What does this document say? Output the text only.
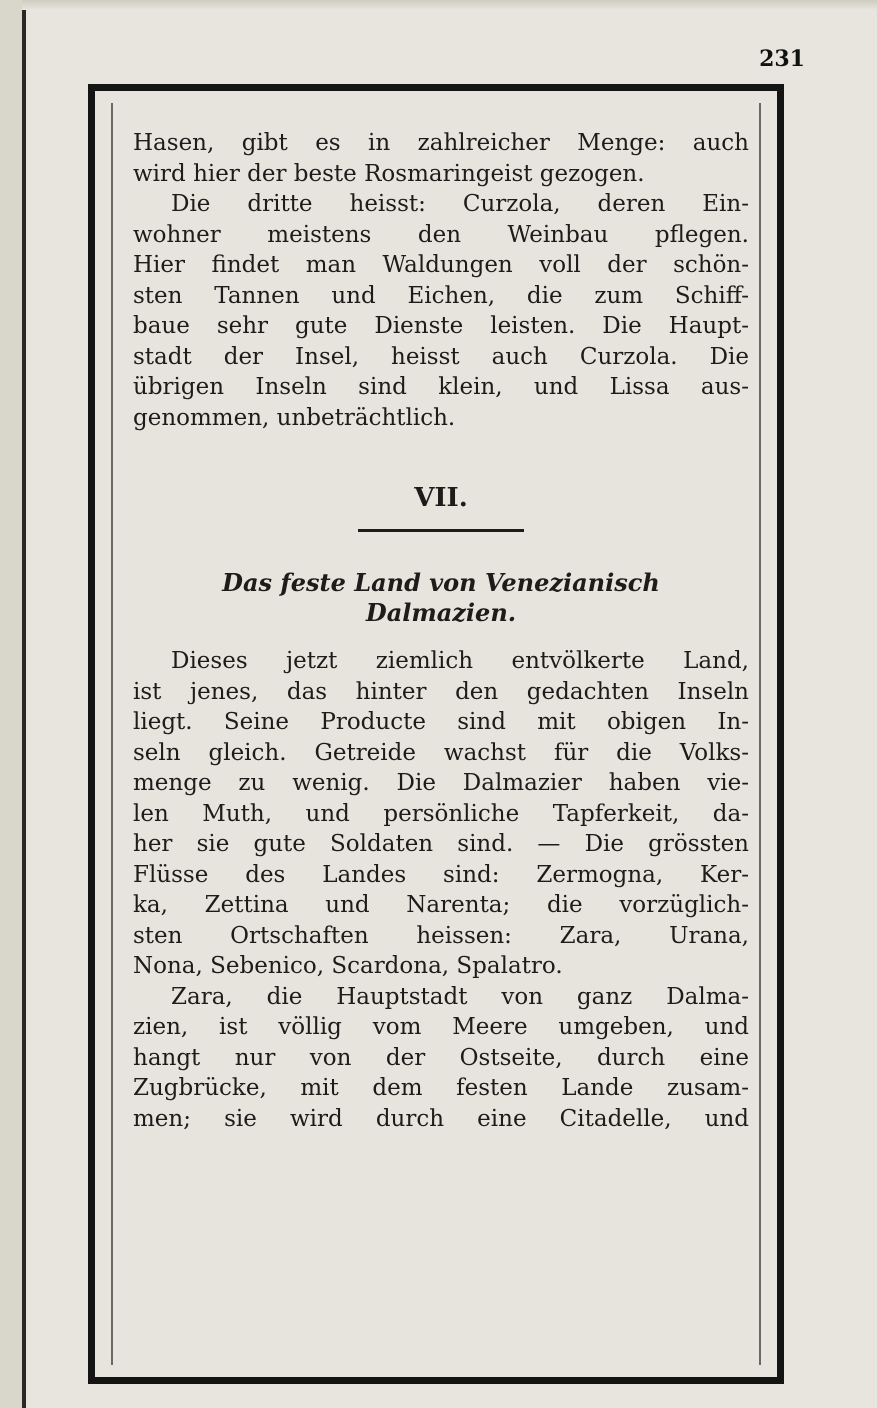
231
Hasen, gibt es in zahlreicher Menge: auch
wird hier der beste Rosmaringeist gezogen.
Die dritte heisst: Curzola, deren Ein-
wohner meistens den Weinbau pflegen.
Hier findet man Waldungen voll der schön-
sten Tannen und Eichen, die zum Schiff-
baue sehr gute Dienste leisten. Die Haupt-
stadt der Insel, heisst auch Curzola. Die
übrigen Inseln sind klein, und Lissa aus-
genommen, unbeträchtlich.
VII.
Das feste Land von Venezianisch
Dalmazien.
Dieses jetzt ziemlich entvölkerte Land,
ist jenes, das hinter den gedachten Inseln
liegt. Seine Producte sind mit obigen In-
seln gleich. Getreide wachst für die Volks-
menge zu wenig. Die Dalmazier haben vie-
len Muth, und persönliche Tapferkeit, da-
her sie gute Soldaten sind. — Die grössten
Flüsse des Landes sind: Zermogna, Ker-
ka, Zettina und Narenta; die vorzüglich-
sten Ortschaften heissen: Zara, Urana,
Nona, Sebenico, Scardona, Spalatro.
Zara, die Hauptstadt von ganz Dalma-
zien, ist völlig vom Meere umgeben, und
hangt nur von der Ostseite, durch eine
Zugbrücke, mit dem festen Lande zusam-
men; sie wird durch eine Citadelle, und
